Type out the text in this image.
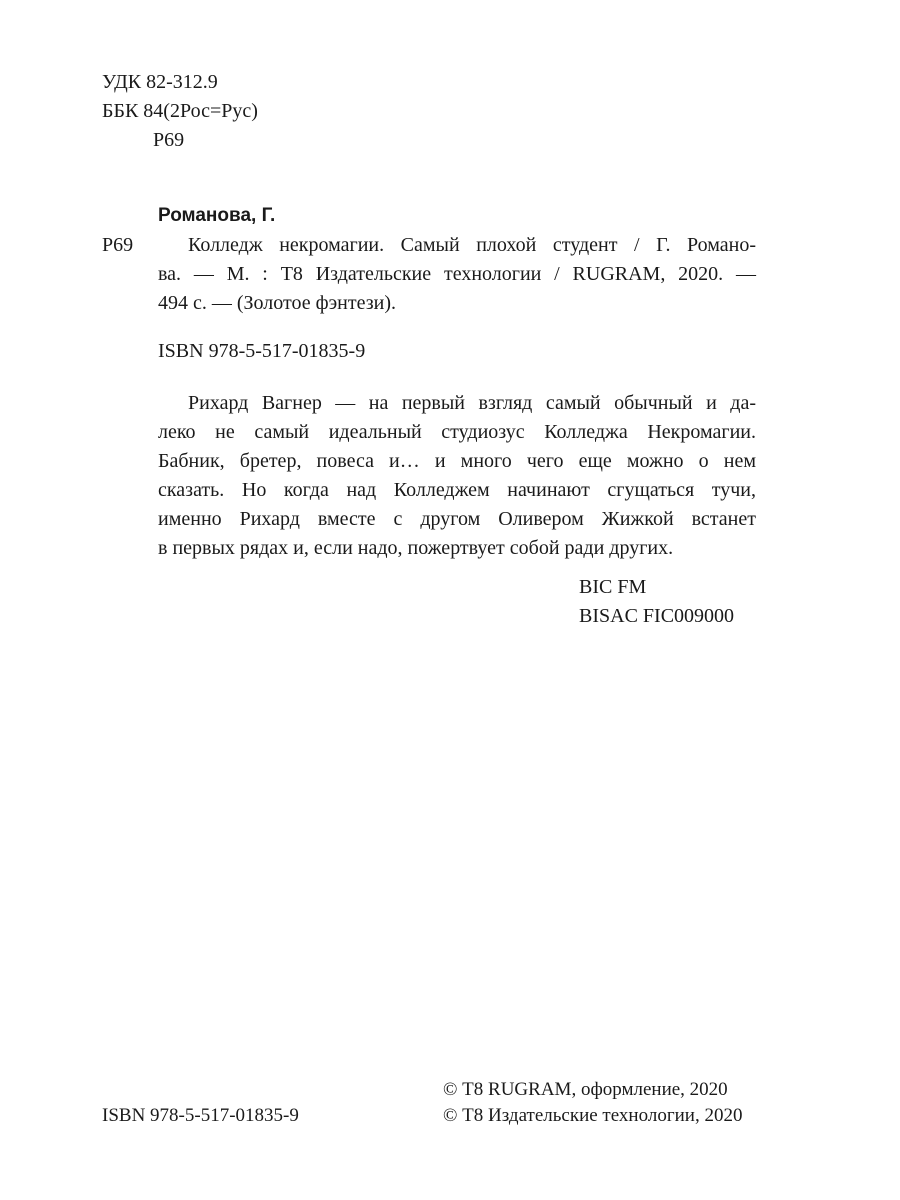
УДК 82-312.9
ББК 84(2Рос=Рус)
Р69
Романова, Г.
Р69	Колледж некромагии. Самый плохой студент / Г. Романо-
ва. — М. : Т8 Издательские технологии / RUGRAM, 2020. —
494 с. — (Золотое фэнтези).
ISBN 978-5-517-01835-9
Рихард Вагнер — на первый взгляд самый обычный и да-
леко не самый идеальный студиозус Колледжа Некромагии.
Бабник, бретер, повеса и… и много чего еще можно о нем
сказать. Но когда над Колледжем начинают сгущаться тучи,
именно Рихард вместе с другом Оливером Жижкой встанет
в первых рядах и, если надо, пожертвует собой ради других.
BIC FM
BISAC FIC009000
ISBN 978-5-517-01835-9
© Т8 RUGRAM, оформление, 2020
© Т8 Издательские технологии, 2020
